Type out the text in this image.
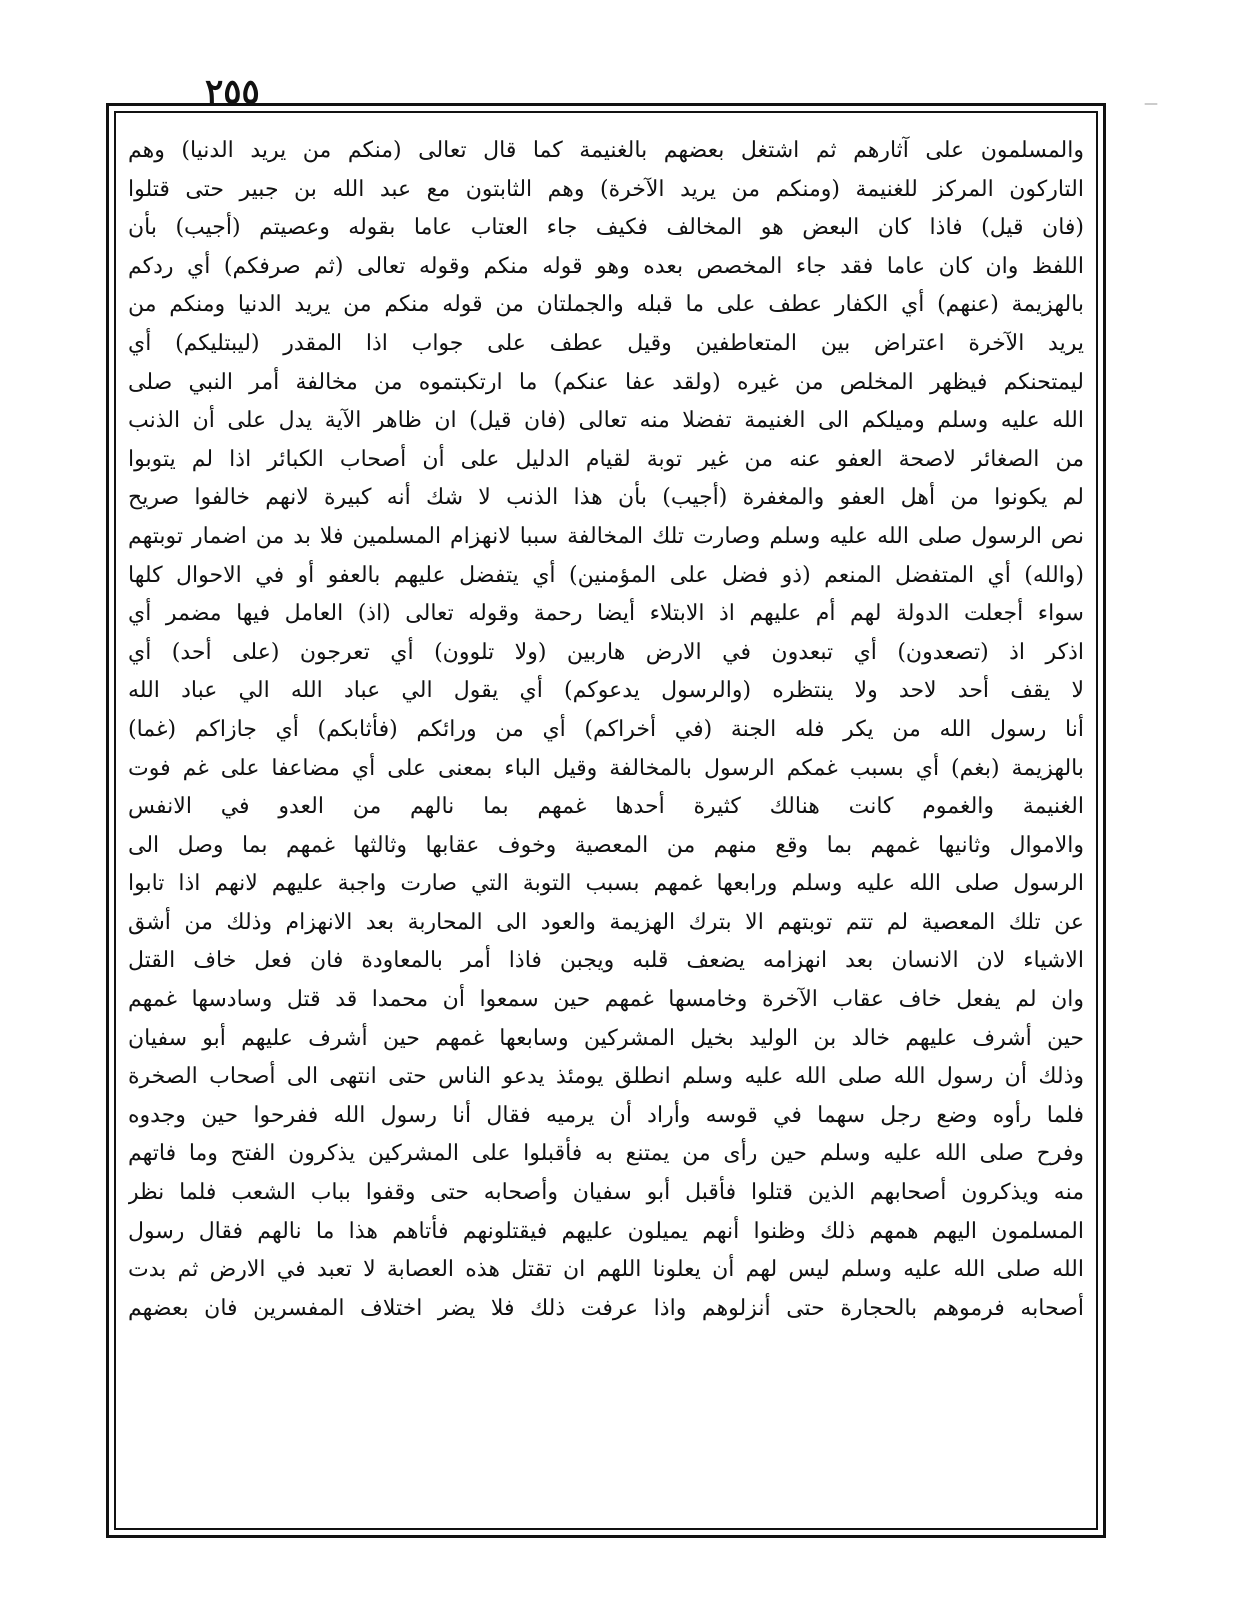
٢٥٥	—
والمسلمون على آثارهم ثم اشتغل بعضهم بالغنيمة كما قال تعالى (منكم من يريد الدنيا) وهم
التاركون المركز للغنيمة (ومنكم من يريد الآخرة) وهم الثابتون مع عبد الله بن جبير حتى قتلوا
(فان قيل) فاذا كان البعض هو المخالف فكيف جاء العتاب عاما بقوله وعصيتم (أجيب) بأن
اللفظ وان كان عاما فقد جاء المخصص بعده وهو قوله منكم وقوله تعالى (ثم صرفكم) أي ردكم
بالهزيمة (عنهم) أي الكفار عطف على ما قبله والجملتان من قوله منكم من يريد الدنيا ومنكم من
يريد الآخرة اعتراض بين المتعاطفين وقيل عطف على جواب اذا المقدر (ليبتليكم) أي
ليمتحنكم فيظهر المخلص من غيره (ولقد عفا عنكم) ما ارتكبتموه من مخالفة أمر النبي صلى
الله عليه وسلم وميلكم الى الغنيمة تفضلا منه تعالى (فان قيل) ان ظاهر الآية يدل على أن الذنب
من الصغائر لاصحة العفو عنه من غير توبة لقيام الدليل على أن أصحاب الكبائر اذا لم يتوبوا
لم يكونوا من أهل العفو والمغفرة (أجيب) بأن هذا الذنب لا شك أنه كبيرة لانهم خالفوا صريح
نص الرسول صلى الله عليه وسلم وصارت تلك المخالفة سببا لانهزام المسلمين فلا بد من اضمار توبتهم
(والله) أي المتفضل المنعم (ذو فضل على المؤمنين) أي يتفضل عليهم بالعفو أو في الاحوال كلها
سواء أجعلت الدولة لهم أم عليهم اذ الابتلاء أيضا رحمة وقوله تعالى (اذ) العامل فيها مضمر أي
اذكر اذ (تصعدون) أي تبعدون في الارض هاربين (ولا تلوون) أي تعرجون (على أحد) أي
لا يقف أحد لاحد ولا ينتظره (والرسول يدعوكم) أي يقول الي عباد الله الي عباد الله
أنا رسول الله من يكر فله الجنة (في أخراكم) أي من ورائكم (فأثابكم) أي جازاكم (غما)
بالهزيمة (بغم) أي بسبب غمكم الرسول بالمخالفة وقيل الباء بمعنى على أي مضاعفا على غم فوت
الغنيمة والغموم كانت هنالك كثيرة أحدها غمهم بما نالهم من العدو في الانفس
والاموال وثانيها غمهم بما وقع منهم من المعصية وخوف عقابها وثالثها غمهم بما وصل الى
الرسول صلى الله عليه وسلم ورابعها غمهم بسبب التوبة التي صارت واجبة عليهم لانهم اذا تابوا
عن تلك المعصية لم تتم توبتهم الا بترك الهزيمة والعود الى المحاربة بعد الانهزام وذلك من أشق
الاشياء لان الانسان بعد انهزامه يضعف قلبه ويجبن فاذا أمر بالمعاودة فان فعل خاف القتل
وان لم يفعل خاف عقاب الآخرة وخامسها غمهم حين سمعوا أن محمدا قد قتل وسادسها غمهم
حين أشرف عليهم خالد بن الوليد بخيل المشركين وسابعها غمهم حين أشرف عليهم أبو سفيان
وذلك أن رسول الله صلى الله عليه وسلم انطلق يومئذ يدعو الناس حتى انتهى الى أصحاب الصخرة
فلما رأوه وضع رجل سهما في قوسه وأراد أن يرميه فقال أنا رسول الله ففرحوا حين وجدوه
وفرح صلى الله عليه وسلم حين رأى من يمتنع به فأقبلوا على المشركين يذكرون الفتح وما فاتهم
منه ويذكرون أصحابهم الذين قتلوا فأقبل أبو سفيان وأصحابه حتى وقفوا بباب الشعب فلما نظر
المسلمون اليهم همهم ذلك وظنوا أنهم يميلون عليهم فيقتلونهم فأتاهم هذا ما نالهم فقال رسول
الله صلى الله عليه وسلم ليس لهم أن يعلونا اللهم ان تقتل هذه العصابة لا تعبد في الارض ثم بدت
أصحابه فرموهم بالحجارة حتى أنزلوهم واذا عرفت ذلك فلا يضر اختلاف المفسرين فان بعضهم
